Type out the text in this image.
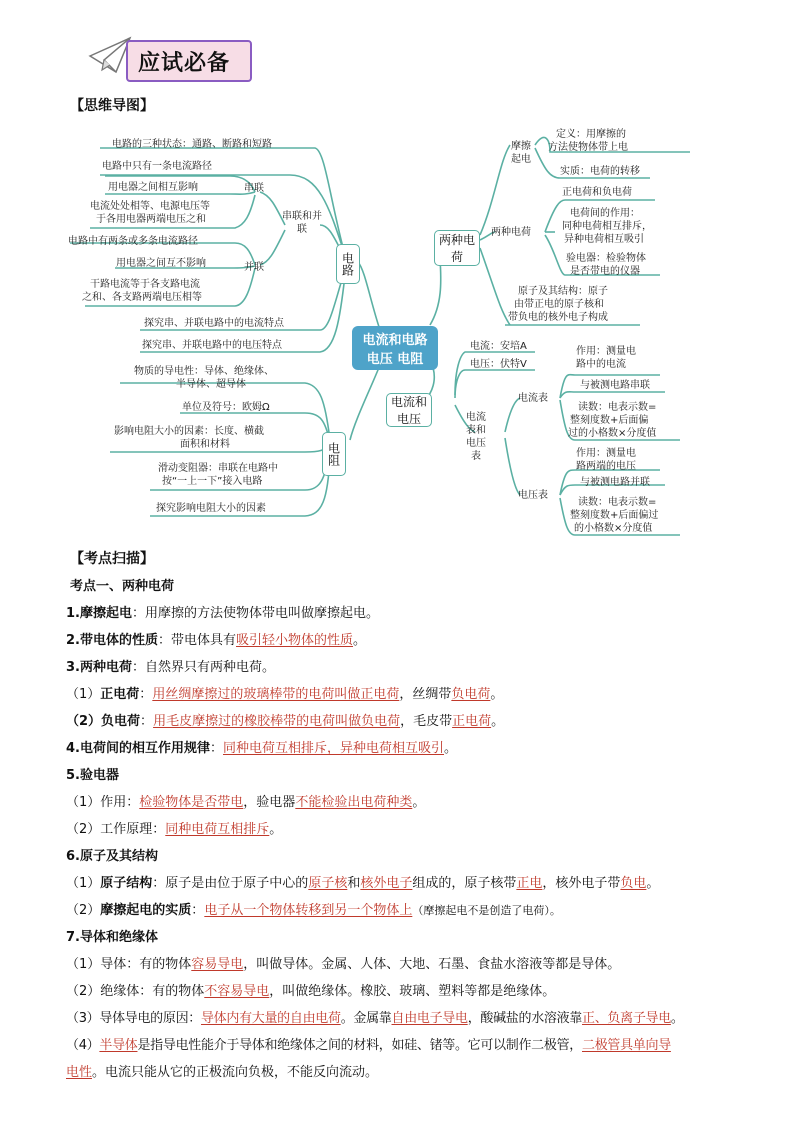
应试必备
【思维导图】
电流和电路
电压 电阻
电路
电阻
两种电荷
电流和电压
电路的三种状态：通路、断路和短路
电路中只有一条电流路径
用电器之间相互影响	串联
电流处处相等、电源电压等
于各用电器两端电压之和	串联和并联
电路中有两条或多条电流路径
用电器之间互不影响	并联
干路电流等于各支路电流
之和、各支路两端电压相等
探究串、并联电路中的电流特点
探究串、并联电路中的电压特点
物质的导电性：导体、绝缘体、
半导体、超导体
单位及符号：欧姆Ω
影响电阻大小的因素：长度、横截
面积和材料
滑动变阻器：串联在电路中
按“一上一下”接入电路
探究影响电阻大小的因素
摩擦起电
定义：用摩擦的
方法使物体带上电
实质：电荷的转移
两种电荷
正电荷和负电荷
电荷间的作用：
同种电荷相互排斥，
异种电荷相互吸引
验电器：检验物体
是否带电的仪器
原子及其结构：原子
由带正电的原子核和
带负电的核外电子构成
电流：安培A
电压：伏特V
电流表和电压表
电流表
作用：测量电
路中的电流
与被测电路串联
读数：电表示数=
整刻度数+后面偏
过的小格数×分度值
电压表
作用：测量电
路两端的电压
与被测电路并联
读数：电表示数=
整刻度数+后面偏过
的小格数×分度值
【考点扫描】
考点一、两种电荷
1.摩擦起电：用摩擦的方法使物体带电叫做摩擦起电。
2.带电体的性质：带电体具有吸引轻小物体的性质。
3.两种电荷：自然界只有两种电荷。
（1）正电荷：用丝绸摩擦过的玻璃棒带的电荷叫做正电荷，丝绸带负电荷。
（2）负电荷：用毛皮摩擦过的橡胶棒带的电荷叫做负电荷，毛皮带正电荷。
4.电荷间的相互作用规律：同种电荷互相排斥，异种电荷相互吸引。
5.验电器
（1）作用：检验物体是否带电，验电器不能检验出电荷种类。
（2）工作原理：同种电荷互相排斥。
6.原子及其结构
（1）原子结构：原子是由位于原子中心的原子核和核外电子组成的，原子核带正电，核外电子带负电。
（2）摩擦起电的实质：电子从一个物体转移到另一个物体上（摩擦起电不是创造了电荷）。
7.导体和绝缘体
（1）导体：有的物体容易导电，叫做导体。金属、人体、大地、石墨、食盐水溶液等都是导体。
（2）绝缘体：有的物体不容易导电，叫做绝缘体。橡胶、玻璃、塑料等都是绝缘体。
（3）导体导电的原因：导体内有大量的自由电荷。金属靠自由电子导电，酸碱盐的水溶液靠正、负离子导电。
（4）半导体是指导电性能介于导体和绝缘体之间的材料，如硅、锗等。它可以制作二极管，二极管具单向导
电性。电流只能从它的正极流向负极，不能反向流动。
